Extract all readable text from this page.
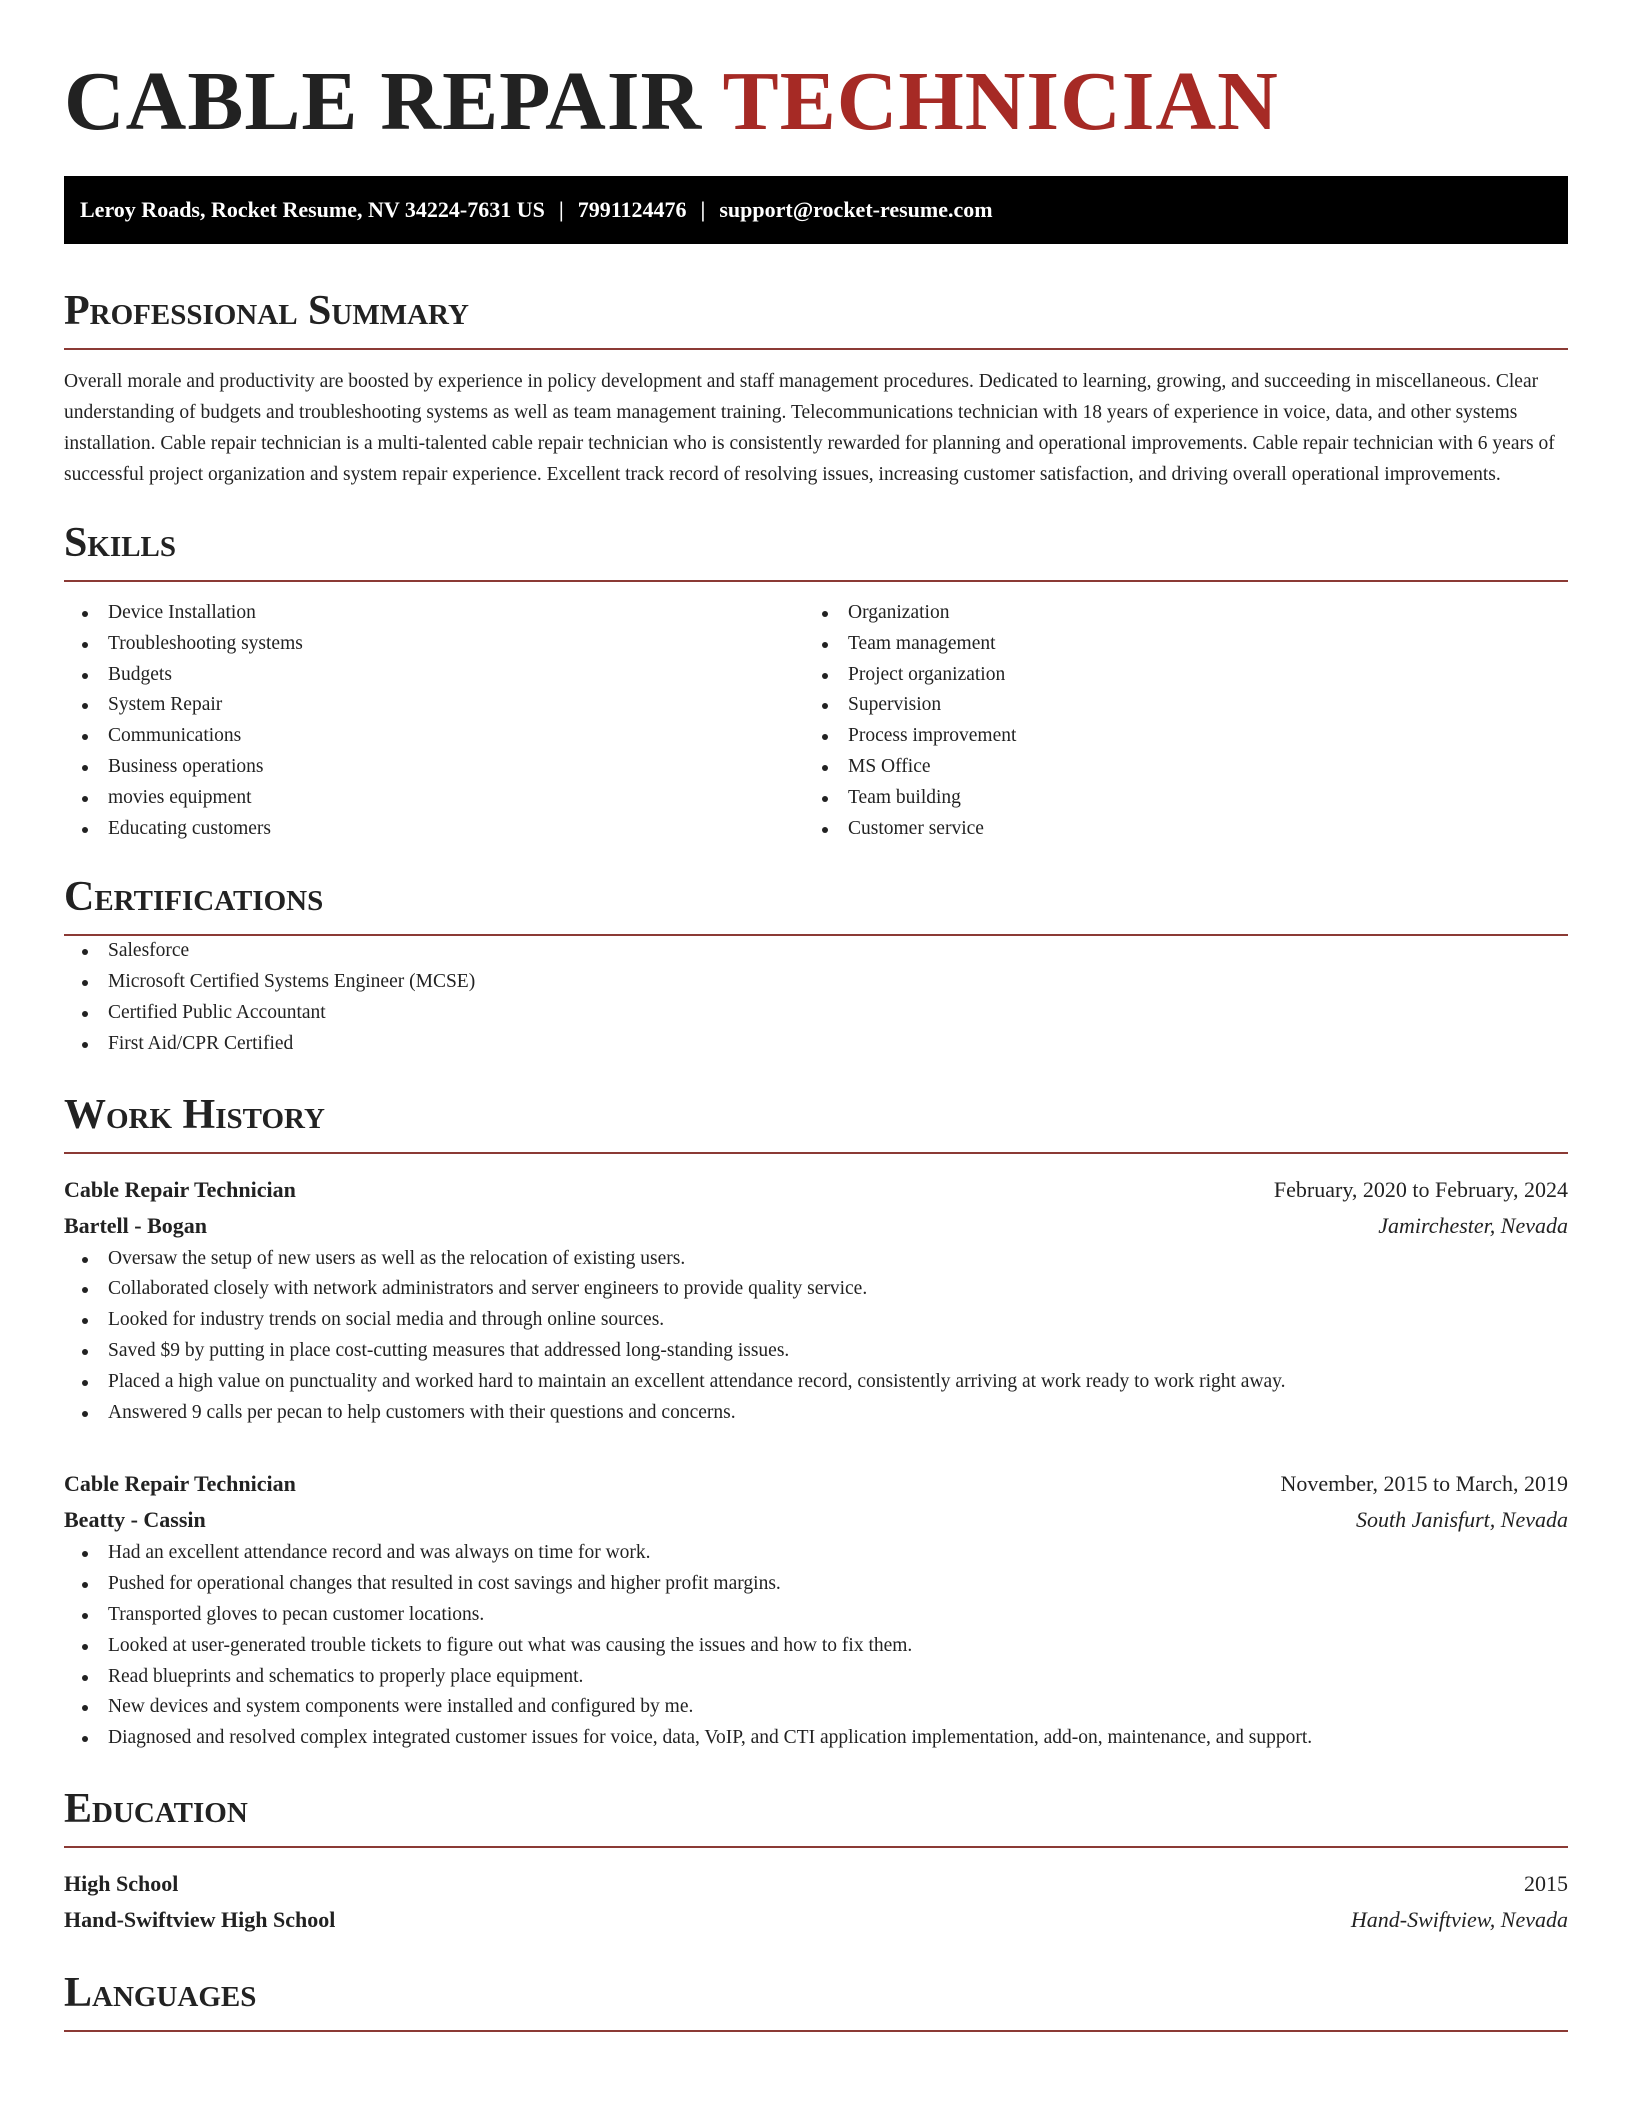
CABLE REPAIR TECHNICIAN
Leroy Roads, Rocket Resume, NV 34224-7631 US | 7991124476 | support@rocket-resume.com
Professional Summary

Overall morale and productivity are boosted by experience in policy development and staff management procedures. Dedicated to learning, growing, and succeeding in miscellaneous. Clear understanding of budgets and troubleshooting systems as well as team management training. Telecommunications technician with 18 years of experience in voice, data, and other systems installation. Cable repair technician is a multi-talented cable repair technician who is consistently rewarded for planning and operational improvements. Cable repair technician with 6 years of successful project organization and system repair experience. Excellent track record of resolving issues, increasing customer satisfaction, and driving overall operational improvements.

Skills
Device Installation
Troubleshooting systems
Budgets
System Repair
Communications
Business operations
movies equipment
Educating customers
Organization
Team management
Project organization
Supervision
Process improvement
MS Office
Team building
Customer service
Certifications
Salesforce
Microsoft Certified Systems Engineer (MCSE)
Certified Public Accountant
First Aid/CPR Certified
Work History
Cable Repair Technician	February, 2020 to February, 2024
Bartell - Bogan	Jamirchester, Nevada
Oversaw the setup of new users as well as the relocation of existing users.
Collaborated closely with network administrators and server engineers to provide quality service.
Looked for industry trends on social media and through online sources.
Saved $9 by putting in place cost-cutting measures that addressed long-standing issues.
Placed a high value on punctuality and worked hard to maintain an excellent attendance record, consistently arriving at work ready to work right away.
Answered 9 calls per pecan to help customers with their questions and concerns.
Cable Repair Technician	November, 2015 to March, 2019
Beatty - Cassin	South Janisfurt, Nevada
Had an excellent attendance record and was always on time for work.
Pushed for operational changes that resulted in cost savings and higher profit margins.
Transported gloves to pecan customer locations.
Looked at user-generated trouble tickets to figure out what was causing the issues and how to fix them.
Read blueprints and schematics to properly place equipment.
New devices and system components were installed and configured by me.
Diagnosed and resolved complex integrated customer issues for voice, data, VoIP, and CTI application implementation, add-on, maintenance, and support.
Education
High School	2015
Hand-Swiftview High School	Hand-Swiftview, Nevada
Languages
